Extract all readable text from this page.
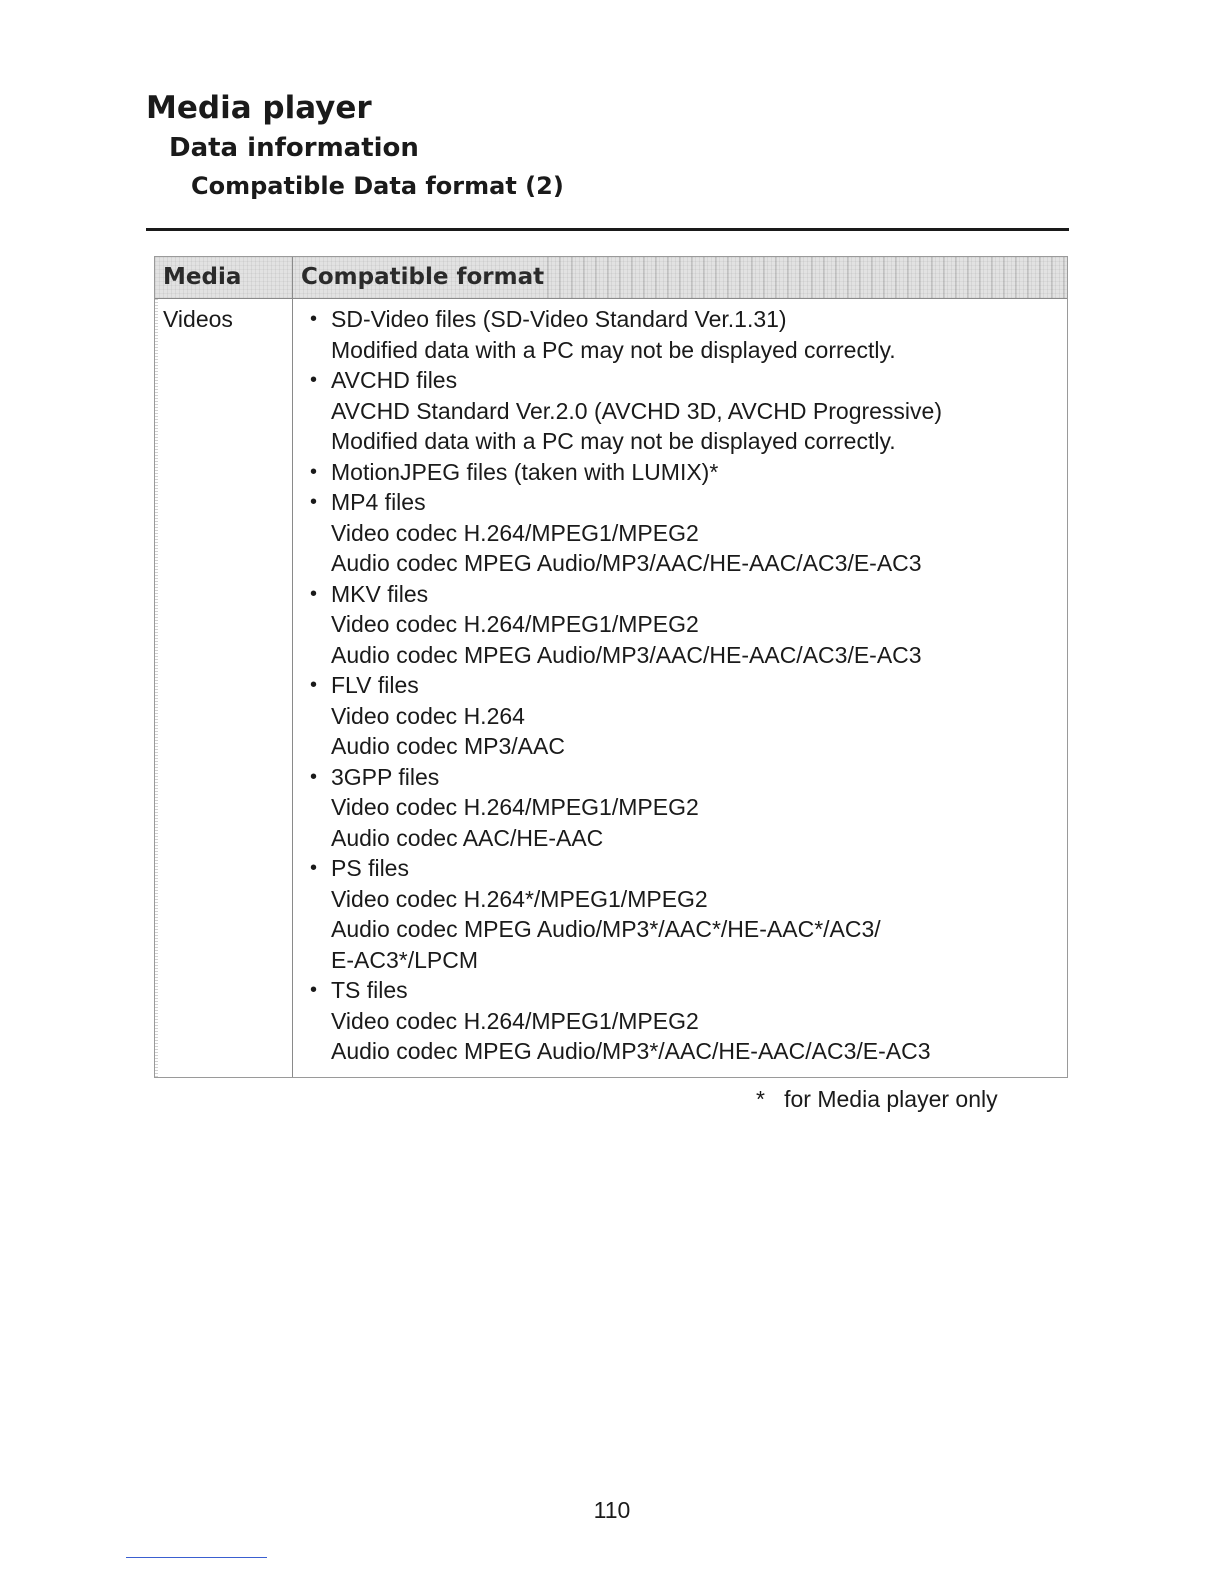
Media player
Data information
Compatible Data format (2)
Media	Compatible format
Videos	• SD-Video files (SD-Video Standard Ver.1.31)
Modified data with a PC may not be displayed correctly.
• AVCHD files
AVCHD Standard Ver.2.0 (AVCHD 3D, AVCHD Progressive)
Modified data with a PC may not be displayed correctly.
• MotionJPEG files (taken with LUMIX)*
• MP4 files
Video codec H.264/MPEG1/MPEG2
Audio codec MPEG Audio/MP3/AAC/HE-AAC/AC3/E-AC3
• MKV files
Video codec H.264/MPEG1/MPEG2
Audio codec MPEG Audio/MP3/AAC/HE-AAC/AC3/E-AC3
• FLV files
Video codec H.264
Audio codec MP3/AAC
• 3GPP files
Video codec H.264/MPEG1/MPEG2
Audio codec AAC/HE-AAC
• PS files
Video codec H.264*/MPEG1/MPEG2
Audio codec MPEG Audio/MP3*/AAC*/HE-AAC*/AC3/
E-AC3*/LPCM
• TS files
Video codec H.264/MPEG1/MPEG2
Audio codec MPEG Audio/MP3*/AAC/HE-AAC/AC3/E-AC3
*   for Media player only
110
